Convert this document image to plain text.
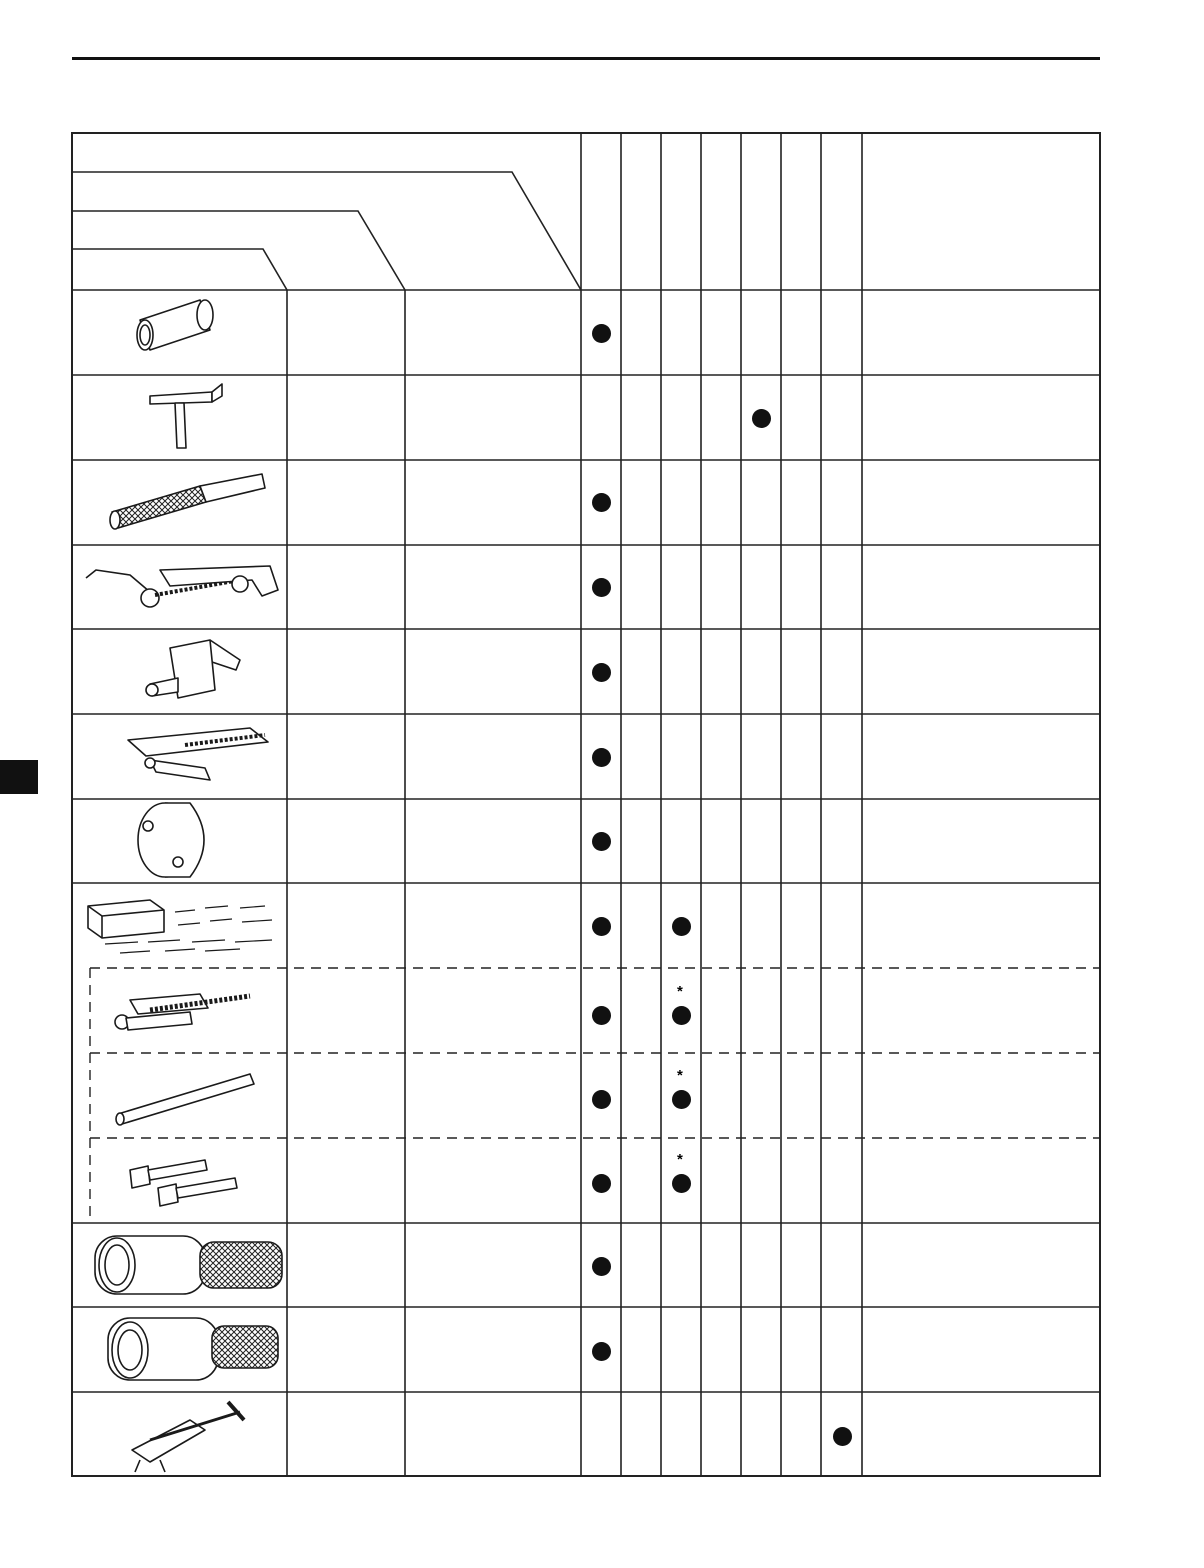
*
*
*
